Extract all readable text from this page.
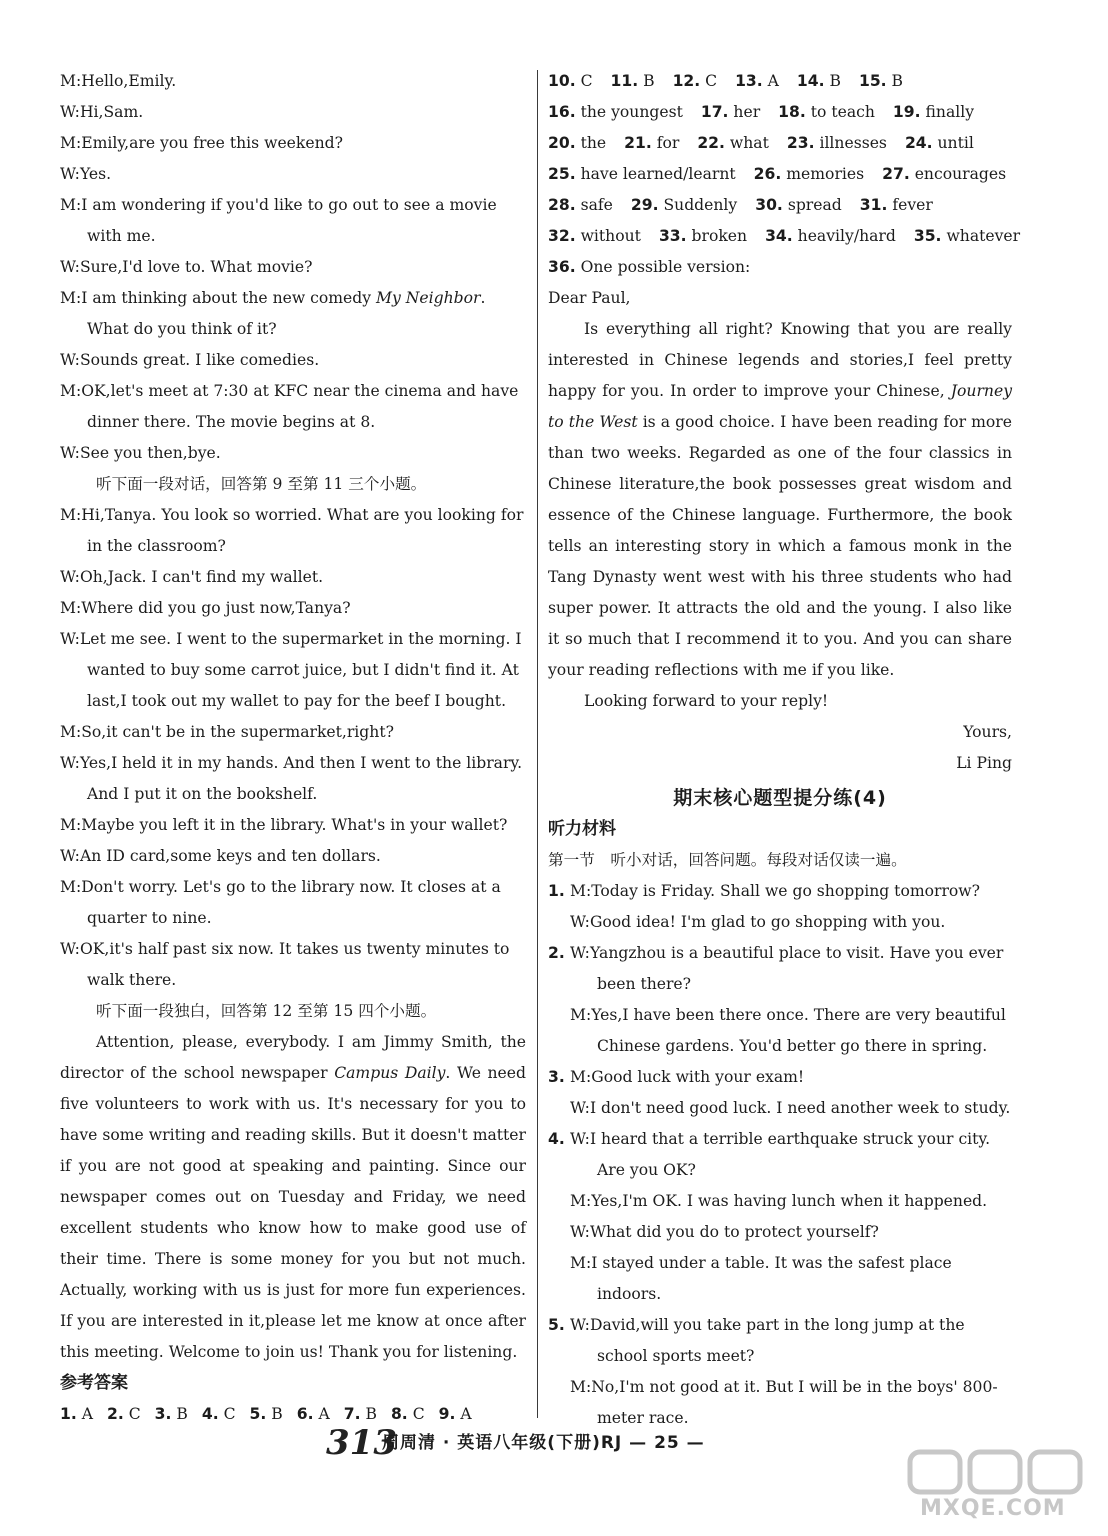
M:Hello,Emily.
W:Hi,Sam.
M:Emily,are you free this weekend?
W:Yes.
M:I am wondering if you'd like to go out to see a movie with me.
W:Sure,I'd love to. What movie?
M:I am thinking about the new comedy My Neighbor. What do you think of it?
W:Sounds great. I like comedies.
M:OK,let's meet at 7:30 at KFC near the cinema and have dinner there. The movie begins at 8.
W:See you then,bye.
听下面一段对话，回答第 9 至第 11 三个小题。
M:Hi,Tanya. You look so worried. What are you looking for in the classroom?
W:Oh,Jack. I can't find my wallet.
M:Where did you go just now,Tanya?
W:Let me see. I went to the supermarket in the morning. I wanted to buy some carrot juice, but I didn't find it. At last,I took out my wallet to pay for the beef I bought.
M:So,it can't be in the supermarket,right?
W:Yes,I held it in my hands. And then I went to the library. And I put it on the bookshelf.
M:Maybe you left it in the library. What's in your wallet?
W:An ID card,some keys and ten dollars.
M:Don't worry. Let's go to the library now. It closes at a quarter to nine.
W:OK,it's half past six now. It takes us twenty minutes to walk there.
听下面一段独白，回答第 12 至第 15 四个小题。
Attention, please, everybody. I am Jimmy Smith, the director of the school newspaper Campus Daily. We need five volunteers to work with us. It's necessary for you to have some writing and reading skills. But it doesn't matter if you are not good at speaking and painting. Since our newspaper comes out on Tuesday and Friday, we need excellent students who know how to make good use of their time. There is some money for you but not much. Actually, working with us is just for more fun experiences. If you are interested in it,please let me know at once after this meeting. Welcome to join us! Thank you for listening.
参考答案
1. A 2. C 3. B 4. C 5. B 6. A 7. B 8. C 9. A
10. C 11. B 12. C 13. A 14. B 15. B
16. the youngest 17. her 18. to teach 19. finally
20. the 21. for 22. what 23. illnesses 24. until
25. have learned/learnt 26. memories 27. encourages
28. safe 29. Suddenly 30. spread 31. fever
32. without 33. broken 34. heavily/hard 35. whatever
36. One possible version:
Dear Paul,
Is everything all right? Knowing that you are really interested in Chinese legends and stories,I feel pretty happy for you. In order to improve your Chinese, Journey to the West is a good choice. I have been reading for more than two weeks. Regarded as one of the four classics in Chinese literature,the book possesses great wisdom and essence of the Chinese language. Furthermore, the book tells an interesting story in which a famous monk in the Tang Dynasty went west with his three students who had super power. It attracts the old and the young. I also like it so much that I recommend it to you. And you can share your reading reflections with me if you like.
Looking forward to your reply!
Yours,
Li Ping
期末核心题型提分练(4)
听力材料
第一节　听小对话，回答问题。每段对话仅读一遍。
1. M:Today is Friday. Shall we go shopping tomorrow?
W:Good idea! I'm glad to go shopping with you.
2. W:Yangzhou is a beautiful place to visit. Have you ever been there?
M:Yes,I have been there once. There are very beautiful Chinese gardens. You'd better go there in spring.
3. M:Good luck with your exam!
W:I don't need good luck. I need another week to study.
4. W:I heard that a terrible earthquake struck your city. Are you OK?
M:Yes,I'm OK. I was having lunch when it happened.
W:What did you do to protect yourself?
M:I stayed under a table. It was the safest place indoors.
5. W:David,will you take part in the long jump at the school sports meet?
M:No,I'm not good at it. But I will be in the boys' 800-meter race.
313
周周清 · 英语八年级(下册)RJ — 25 —
MXQE.COM
